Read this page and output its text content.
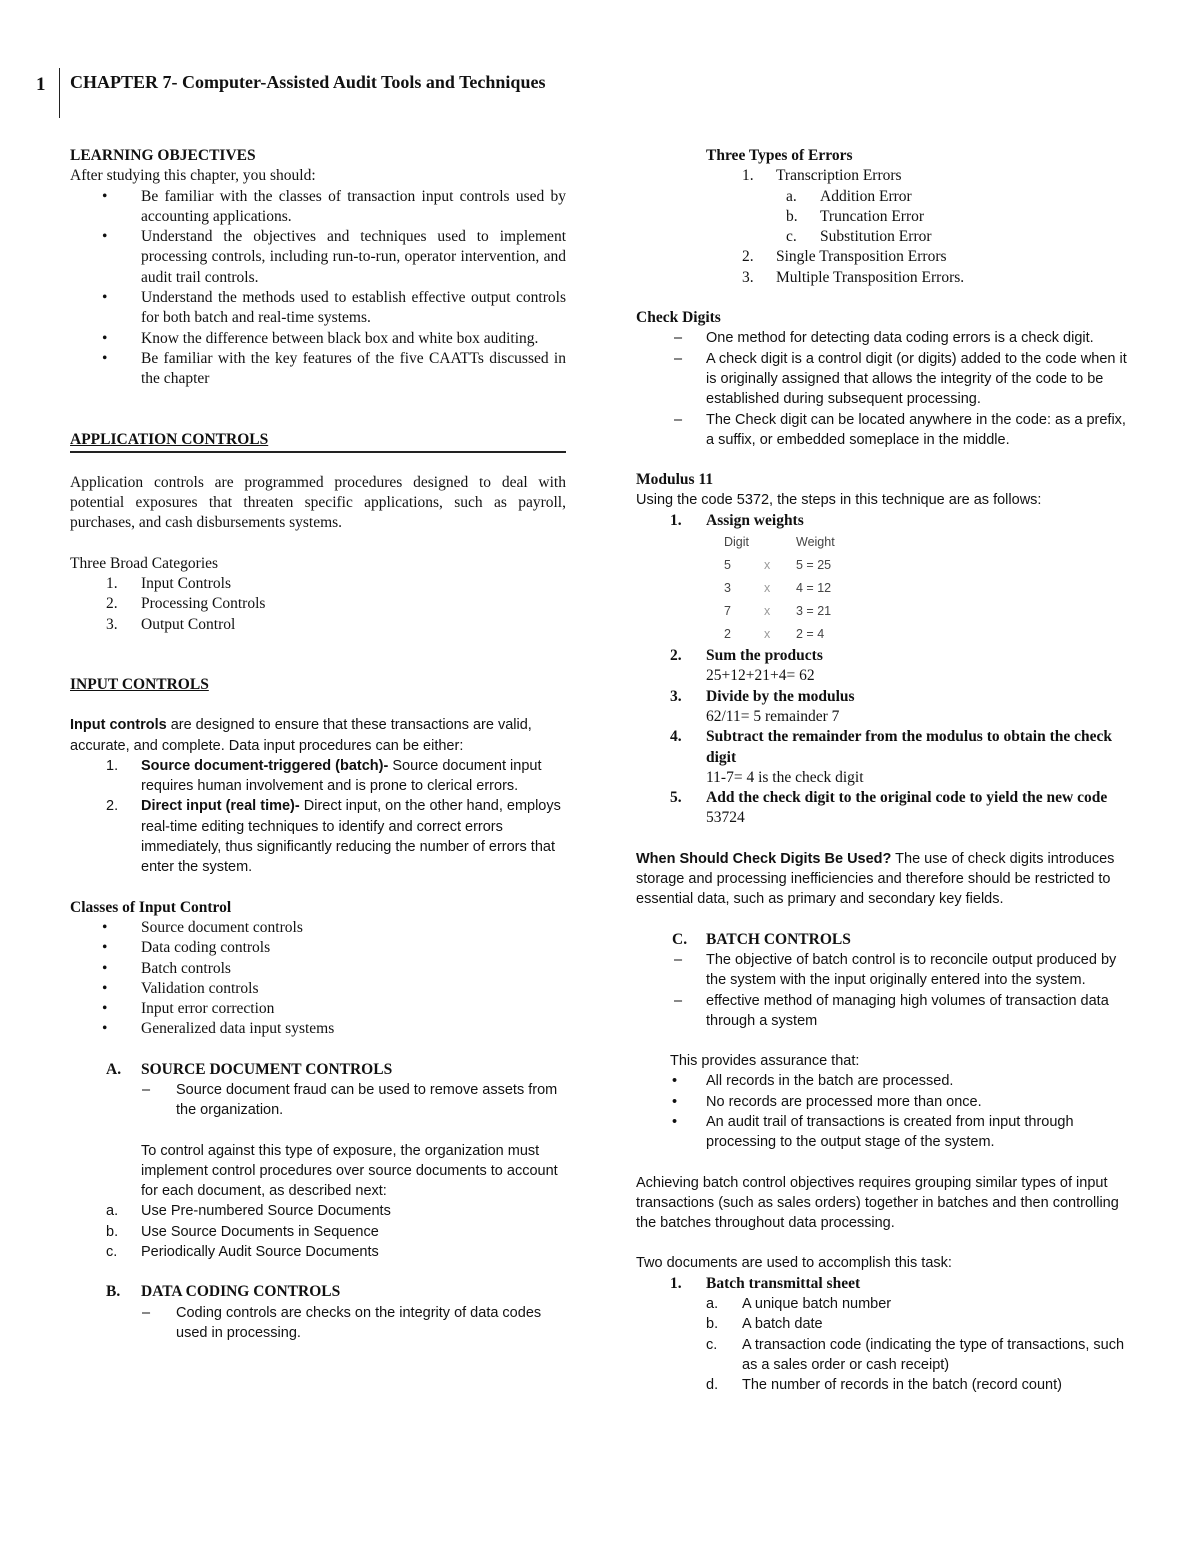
1 CHAPTER 7- Computer-Assisted Audit Tools and Techniques

LEARNING OBJECTIVES

After studying this chapter, you should:

• Be familiar with the classes of transaction input controls used by accounting applications.
• Understand the objectives and techniques used to implement processing controls, including run-to-run, operator intervention, and audit trail controls.
• Understand the methods used to establish effective output controls for both batch and real-time systems.
• Know the difference between black box and white box auditing.
• Be familiar with the key features of the five CAATTs discussed in the chapter

APPLICATION CONTROLS

Application controls are programmed procedures designed to deal with potential exposures that threaten specific applications, such as payroll, purchases, and cash disbursements systems.

Three Broad Categories

1. Input Controls
2. Processing Controls
3. Output Control

INPUT CONTROLS

Input controls are designed to ensure that these transactions are valid, accurate, and complete. Data input procedures can be either:

1. Source document-triggered (batch)- Source document input requires human involvement and is prone to clerical errors.
2. Direct input (real time)- Direct input, on the other hand, employs real-time editing techniques to identify and correct errors immediately, thus significantly reducing the number of errors that enter the system.

Classes of Input Control

• Source document controls
• Data coding controls
• Batch controls
• Validation controls
• Input error correction
• Generalized data input systems

A. SOURCE DOCUMENT CONTROLS

– Source document fraud can be used to remove assets from the organization.

To control against this type of exposure, the organization must implement control procedures over source documents to account for each document, as described next:

a. Use Pre-numbered Source Documents
b. Use Source Documents in Sequence
c. Periodically Audit Source Documents

B. DATA CODING CONTROLS

– Coding controls are checks on the integrity of data codes used in processing.

Three Types of Errors

1. Transcription Errors
a. Addition Error
b. Truncation Error
c. Substitution Error
2. Single Transposition Errors
3. Multiple Transposition Errors.

Check Digits

– One method for detecting data coding errors is a check digit.
– A check digit is a control digit (or digits) added to the code when it is originally assigned that allows the integrity of the code to be established during subsequent processing.
– The Check digit can be located anywhere in the code: as a prefix, a suffix, or embedded someplace in the middle.

Modulus 11

Using the code 5372, the steps in this technique are as follows:

1. Assign weights

Digit	Weight
5	x	5 = 25
3	x	4 = 12
7	x	3 = 21
2	x	2 = 4
2. Sum the products
25+12+21+4= 62
3. Divide by the modulus
62/11= 5 remainder 7
4. Subtract the remainder from the modulus to obtain the check digit
11-7= 4 is the check digit
5. Add the check digit to the original code to yield the new code
53724

When Should Check Digits Be Used? The use of check digits introduces storage and processing inefficiencies and therefore should be restricted to essential data, such as primary and secondary key fields.

C. BATCH CONTROLS

– The objective of batch control is to reconcile output produced by the system with the input originally entered into the system.
– effective method of managing high volumes of transaction data through a system

This provides assurance that:

• All records in the batch are processed.
• No records are processed more than once.
• An audit trail of transactions is created from input through processing to the output stage of the system.

Achieving batch control objectives requires grouping similar types of input transactions (such as sales orders) together in batches and then controlling the batches throughout data processing.

Two documents are used to accomplish this task:

1. Batch transmittal sheet

a. A unique batch number
b. A batch date
c. A transaction code (indicating the type of transactions, such as a sales order or cash receipt)
d. The number of records in the batch (record count)
